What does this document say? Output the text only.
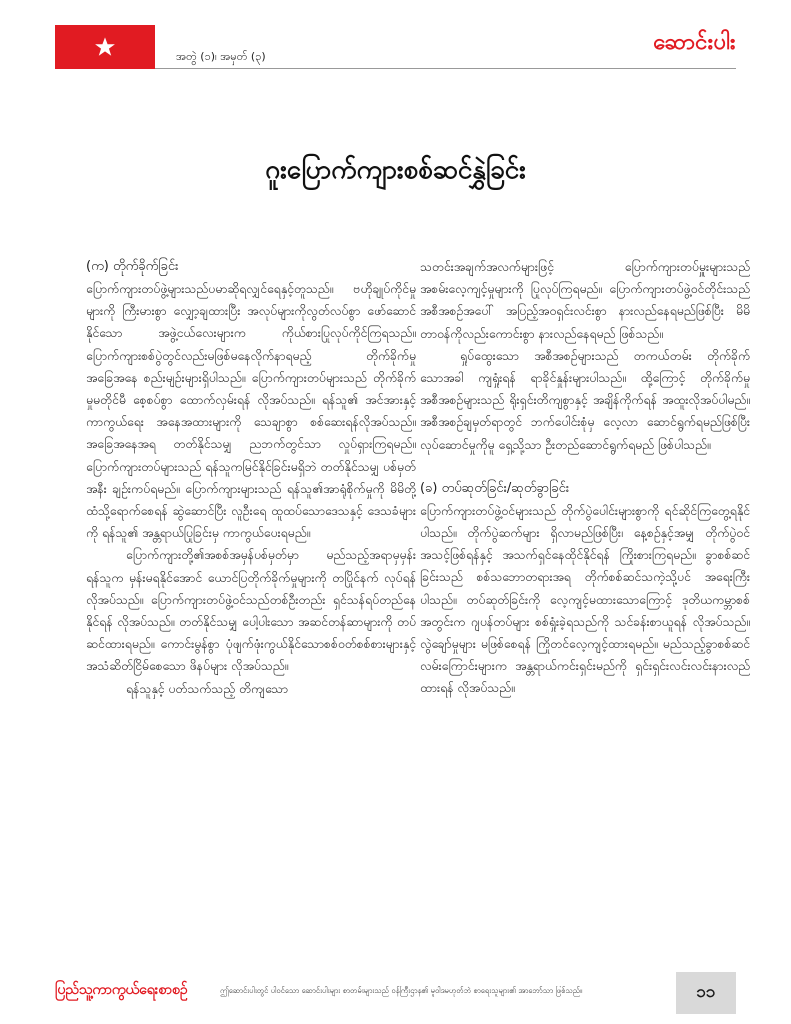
အတွဲ (၁)၊ အမှတ် (၃)
ဆောင်းပါး
ဂူးပြောက်ကျားစစ်ဆင်နွှဲခြင်း
(က) တိုက်ခိုက်ခြင်း

ပြောက်ကျားတပ်ဖွဲ့များသည်ပမာဆိုရလျှင်ရေနှင့်တူသည်။ ဗဟိုချုပ်ကိုင်မှုများကို ကြီးမားစွာ လျှော့ချထားပြီး အလုပ်များကိုလွတ်လပ်စွာ ဖော်ဆောင်နိုင်သော အဖွဲ့ငယ်လေးများက ကိုယ်စားပြုလုပ်ကိုင်ကြရသည်။ ပြောက်ကျားစစ်ပွဲတွင်လည်းမဖြစ်မနေလိုက်နာရမည့် တိုက်ခိုက်မှု အခြေအနေ စည်းမျဉ်းများရှိပါသည်။ ပြောက်ကျားတပ်များသည် တိုက်ခိုက်မှုမတိုင်မီ စေ့စပ်စွာ ထောက်လှမ်းရန် လိုအပ်သည်။ ရန်သူ၏ အင်အားနှင့် ကာကွယ်ရေး အနေအထားများကို သေချာစွာ စစ်ဆေးရန်လိုအပ်သည်။ အခြေအနေအရ တတ်နိုင်သမျှ ညဘက်တွင်သာ လှုပ်ရှားကြရမည်။ ပြောက်ကျားတပ်များသည် ရန်သူကမြင်နိုင်ခြင်းမရှိဘဲ တတ်နိုင်သမျှ ပစ်မှတ်အနီး ချဉ်းကပ်ရမည်။ ပြောက်ကျားများသည် ရန်သူ၏အာရုံစိုက်မှုကို မိမိတို့ထံသို့ရောက်စေရန် ဆွဲဆောင်ပြီး လူဦးရေ ထူထပ်သောဒေသနှင့် ဒေသခံများကို ရန်သူ၏ အန္တရာယ်ပြုခြင်းမှ ကာကွယ်ပေးရမည်။

ပြောက်ကျားတို့၏အစစ်အမှန်ပစ်မှတ်မှာ မည်သည့်အရာမှမှန်း ရန်သူက မှန်းမရနိုင်အောင် ယောင်ပြတိုက်ခိုက်မှုများကို တပြိုင်နက် လုပ်ရန် လိုအပ်သည်။ ပြောက်ကျားတပ်ဖွဲ့ဝင်သည်တစ်ဦးတည်း ရှင်သန်ရပ်တည်နေနိုင်ရန် လိုအပ်သည်။ တတ်နိုင်သမျှ ပေါ့ပါးသော အဆင်တန်ဆာများကို တပ်ဆင်ထားရမည်။ ကောင်းမွန်စွာ ပုံဖျက်ဖုံးကွယ်နိုင်သောစစ်ဝတ်စစ်စားများနှင့်အသံဆိတ်ငြိမ်စေသော ဖိနပ်များ လိုအပ်သည်။

ရန်သူနှင့် ပတ်သက်သည့် တိကျသော

သတင်းအချက်အလက်များဖြင့် ပြောက်ကျားတပ်မှူးများသည် အစမ်းလေ့ကျင့်မှုများကို ပြုလုပ်ကြရမည်။ ပြောက်ကျားတပ်ဖွဲ့ဝင်တိုင်းသည် အစီအစဉ်အပေါ် အပြည့်အဝရှင်းလင်းစွာ နားလည်နေရမည်ဖြစ်ပြီး မိမိတာဝန်ကိုလည်းကောင်းစွာ နားလည်နေရမည် ဖြစ်သည်။

ရှုပ်ထွေးသော အစီအစဉ်များသည် တကယ်တမ်း တိုက်ခိုက်သောအခါ ကျရှုံးရန် ရာခိုင်နှုန်းများပါသည်။ ထို့ကြောင့် တိုက်ခိုက်မှုအစီအစဉ်များသည် ရိုးရှင်းတိကျစွာနှင့် အချိန်ကိုက်ရန် အထူးလိုအပ်ပါမည်။ အစီအစဉ်ချမှတ်ရာတွင် ဘက်ပေါင်းစုံမှ လေ့လာ ဆောင်ရွက်ရမည်ဖြစ်ပြီး လုပ်ဆောင်မှုကိုမူ ရှေ့သို့သာ ဦးတည်ဆောင်ရွက်ရမည် ဖြစ်ပါသည်။

(ခ) တပ်ဆုတ်ခြင်း/ဆုတ်ခွာခြင်း

ပြောက်ကျားတပ်ဖွဲ့ဝင်များသည် တိုက်ပွဲပေါင်းများစွာကို ရင်ဆိုင်ကြတွေ့ရနိုင်ပါသည်။ တိုက်ပွဲဆက်များ ရှိလာမည်ဖြစ်ပြီး၊ နေ့စဉ်နှင့်အမျှ တိုက်ပွဲဝင်အသင့်ဖြစ်ရန်နှင့် အသက်ရှင်နေထိုင်နိုင်ရန် ကြိုးစားကြရမည်။ ခွာစစ်ဆင်ခြင်းသည် စစ်သဘောတရားအရ တိုက်စစ်ဆင်သကဲ့သို့ပင် အရေးကြီးပါသည်။ တပ်ဆုတ်ခြင်းကို လေ့ကျင့်မထားသောကြောင့် ဒုတိယကမ္ဘာစစ်အတွင်းက ဂျပန်တပ်များ စစ်ရှုံးခဲ့ရသည်ကို သင်ခန်းစာယူရန် လိုအပ်သည်။ လွဲချော်မှုများ မဖြစ်စေရန် ကြိုတင်လေ့ကျင့်ထားရမည်။ မည်သည့်ခွာစစ်ဆင်လမ်းကြောင်းများက အန္တရာယ်ကင်းရှင်းမည်ကို ရှင်းရှင်းလင်းလင်းနားလည်ထားရန် လိုအပ်သည်။

ပြည်သူ့ကာကွယ်ရေးစာစဉ်	ဤဆောင်းပါးတွင် ပါဝင်သော ဆောင်းပါးများ စာတမ်းများသည် ဝန်ကြီးဌာန၏ မူဝါဒမဟုတ်ဘဲ စာရေးသူများ၏ အာဘော်သာ ဖြစ်သည်။	၁၁
